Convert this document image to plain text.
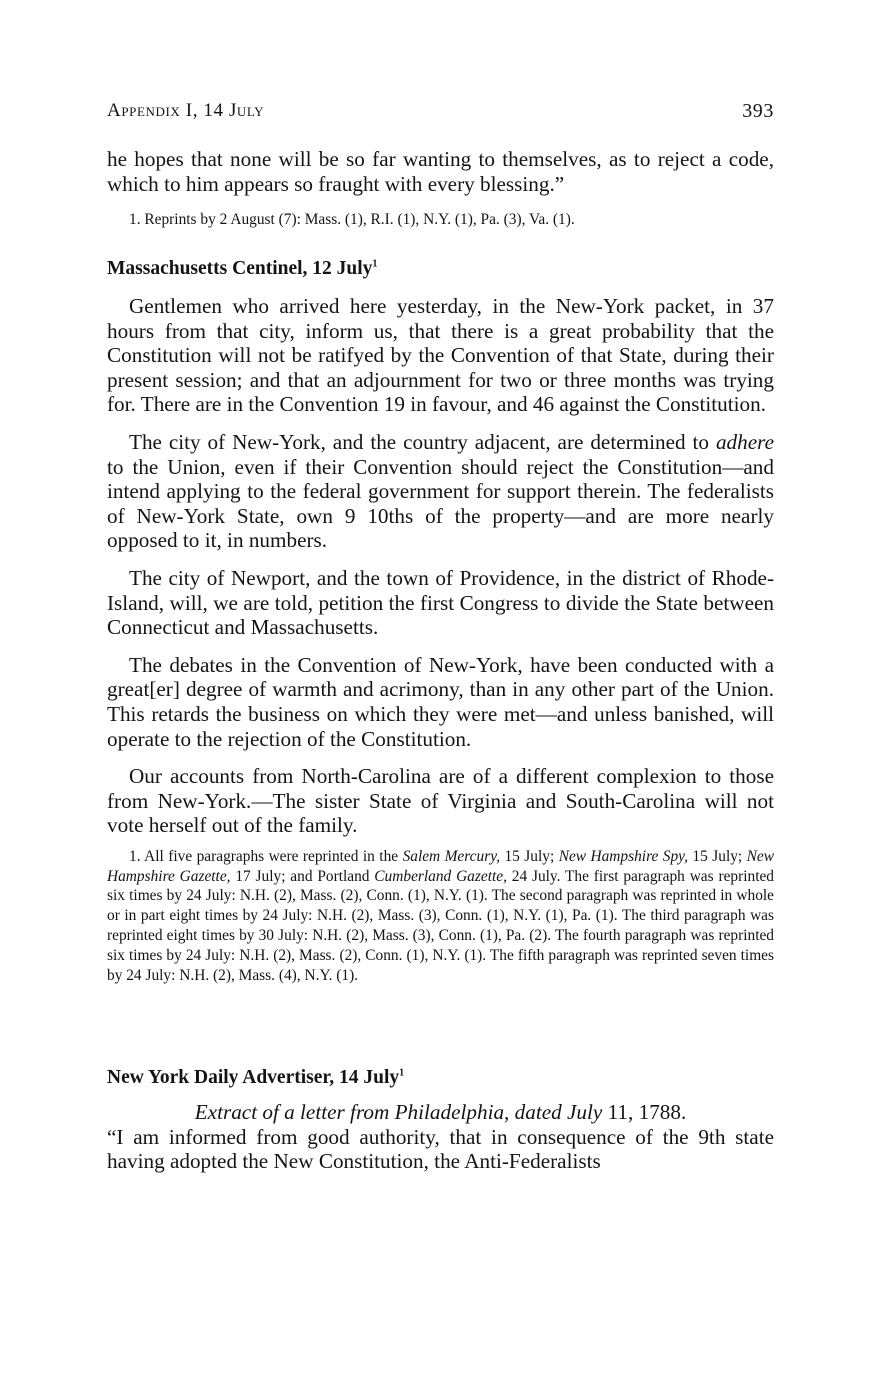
Appendix I, 14 July	393

he hopes that none will be so far wanting to themselves, as to reject a code, which to him appears so fraught with every blessing.”

1. Reprints by 2 August (7): Mass. (1), R.I. (1), N.Y. (1), Pa. (3), Va. (1).

Massachusetts Centinel, 12 July$^1$

Gentlemen who arrived here yesterday, in the New-York packet, in 37 hours from that city, inform us, that there is a great probability that the Constitution will not be ratifyed by the Convention of that State, during their present session; and that an adjournment for two or three months was trying for. There are in the Convention 19 in favour, and 46 against the Constitution.

The city of New-York, and the country adjacent, are determined to adhere to the Union, even if their Convention should reject the Constitution—and intend applying to the federal government for support therein. The federalists of New-York State, own 9 10ths of the property—and are more nearly opposed to it, in numbers.

The city of Newport, and the town of Providence, in the district of Rhode-Island, will, we are told, petition the first Congress to divide the State between Connecticut and Massachusetts.

The debates in the Convention of New-York, have been conducted with a great[er] degree of warmth and acrimony, than in any other part of the Union. This retards the business on which they were met—and unless banished, will operate to the rejection of the Constitution.

Our accounts from North-Carolina are of a different complexion to those from New-York.—The sister State of Virginia and South-Carolina will not vote herself out of the family.

1. All five paragraphs were reprinted in the Salem Mercury, 15 July; New Hampshire Spy, 15 July; New Hampshire Gazette, 17 July; and Portland Cumberland Gazette, 24 July. The first paragraph was reprinted six times by 24 July: N.H. (2), Mass. (2), Conn. (1), N.Y. (1). The second paragraph was reprinted in whole or in part eight times by 24 July: N.H. (2), Mass. (3), Conn. (1), N.Y. (1), Pa. (1). The third paragraph was reprinted eight times by 30 July: N.H. (2), Mass. (3), Conn. (1), Pa. (2). The fourth paragraph was reprinted six times by 24 July: N.H. (2), Mass. (2), Conn. (1), N.Y. (1). The fifth paragraph was reprinted seven times by 24 July: N.H. (2), Mass. (4), N.Y. (1).

New York Daily Advertiser, 14 July$^1$

Extract of a letter from Philadelphia, dated July 11, 1788.

“I am informed from good authority, that in consequence of the 9th state having adopted the New Constitution, the Anti-Federalists
